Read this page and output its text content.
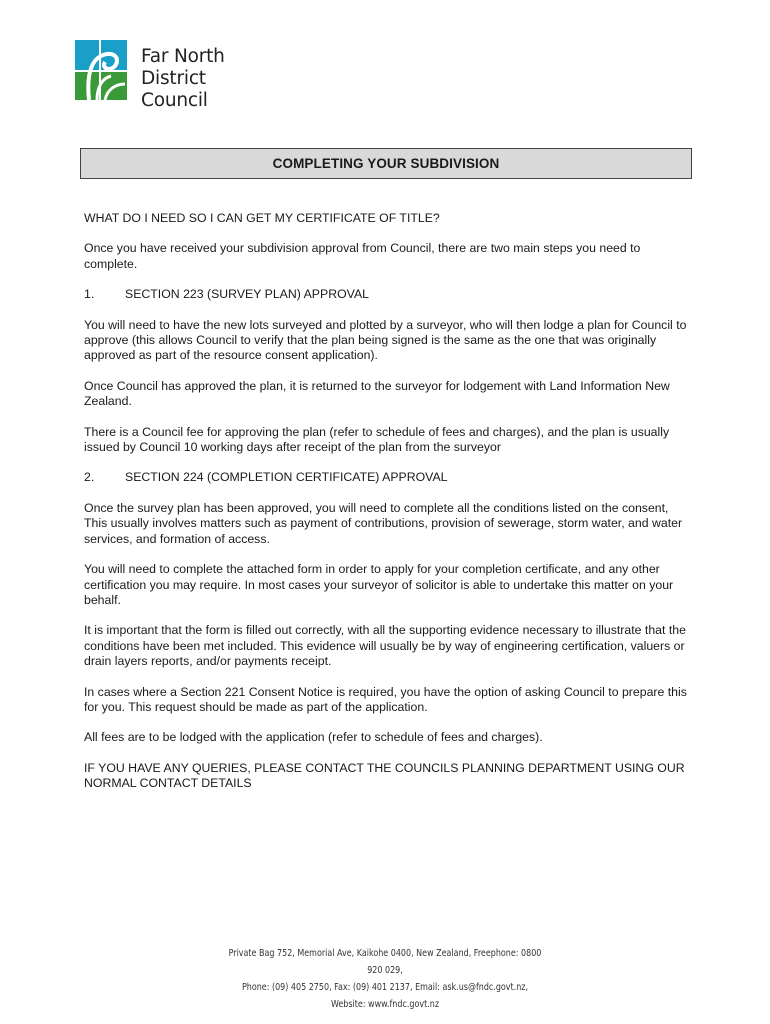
Far North
District Council
COMPLETING YOUR SUBDIVISION

WHAT DO I NEED SO I CAN GET MY CERTIFICATE OF TITLE?

Once you have received your subdivision approval from Council, there are two main steps you need to complete.

1.	SECTION 223 (SURVEY PLAN) APPROVAL

You will need to have the new lots surveyed and plotted by a surveyor, who will then lodge a plan for Council to approve (this allows Council to verify that the plan being signed is the same as the one that was originally approved as part of the resource consent application).

Once Council has approved the plan, it is returned to the surveyor for lodgement with Land Information New Zealand.

There is a Council fee for approving the plan (refer to schedule of fees and charges), and the plan is usually issued by Council 10 working days after receipt of the plan from the surveyor

2.	SECTION 224 (COMPLETION CERTIFICATE) APPROVAL

Once the survey plan has been approved, you will need to complete all the conditions listed on the consent, This usually involves matters such as payment of contributions, provision of sewerage, storm water, and water services, and formation of access.

You will need to complete the attached form in order to apply for your completion certificate, and any other certification you may require. In most cases your surveyor of solicitor is able to undertake this matter on your behalf.

It is important that the form is filled out correctly, with all the supporting evidence necessary to illustrate that the conditions have been met included. This evidence will usually be by way of engineering certification, valuers or drain layers reports, and/or payments receipt.

In cases where a Section 221 Consent Notice is required, you have the option of asking Council to prepare this for you. This request should be made as part of the application.

All fees are to be lodged with the application (refer to schedule of fees and charges).

IF YOU HAVE ANY QUERIES, PLEASE CONTACT THE COUNCILS PLANNING DEPARTMENT USING OUR NORMAL CONTACT DETAILS

Private Bag 752, Memorial Ave, Kaikohe 0400, New Zealand, Freephone: 0800 920 029,
Phone: (09) 405 2750, Fax: (09) 401 2137, Email: ask.us@fndc.govt.nz, Website: www.fndc.govt.nz
